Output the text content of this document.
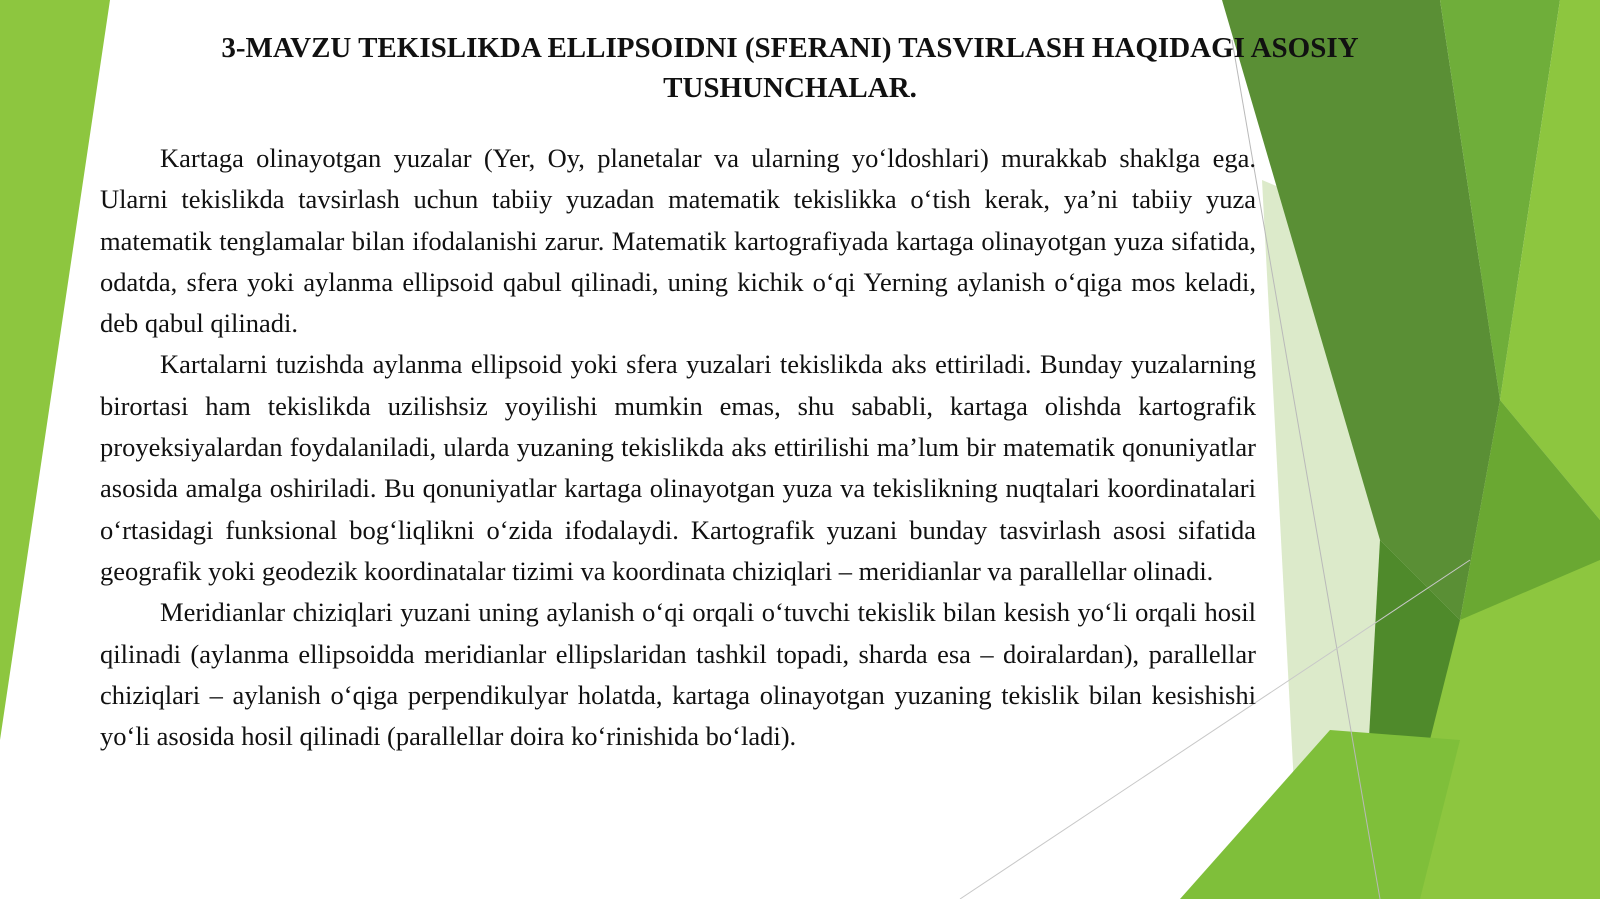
3-MAVZU TEKISLIKDA ELLIPSOIDNI (SFERANI) TASVIRLASH HAQIDAGI ASOSIY TUSHUNCHALAR.

Kartaga olinayotgan yuzalar (Yer, Oy, planetalar va ularning yo‘ldoshlari) murakkab shaklga ega. Ularni tekislikda tavsirlash uchun tabiiy yuzadan matematik tekislikka o‘tish kerak, ya’ni tabiiy yuza matematik tenglamalar bilan ifodalanishi zarur. Matematik kartografiyada kartaga olinayotgan yuza sifatida, odatda, sfera yoki aylanma ellipsoid qabul qilinadi, uning kichik o‘qi Yerning aylanish o‘qiga mos keladi, deb qabul qilinadi.

Kartalarni tuzishda aylanma ellipsoid yoki sfera yuzalari tekislikda aks ettiriladi. Bunday yuzalarning birortasi ham tekislikda uzilishsiz yoyilishi mumkin emas, shu sababli, kartaga olishda kartografik proyeksiyalardan foydalaniladi, ularda yuzaning tekislikda aks ettirilishi ma’lum bir matematik qonuniyatlar asosida amalga oshiriladi. Bu qonuniyatlar kartaga olinayotgan yuza va tekislikning nuqtalari koordinatalari o‘rtasidagi funksional bog‘liqlikni o‘zida ifodalaydi. Kartografik yuzani bunday tasvirlash asosi sifatida geografik yoki geodezik koordinatalar tizimi va koordinata chiziqlari – meridianlar va parallellar olinadi.

Meridianlar chiziqlari yuzani uning aylanish o‘qi orqali o‘tuvchi tekislik bilan kesish yo‘li orqali hosil qilinadi (aylanma ellipsoidda meridianlar ellipslaridan tashkil topadi, sharda esa – doiralardan), parallellar chiziqlari – aylanish o‘qiga perpendikulyar holatda, kartaga olinayotgan yuzaning tekislik bilan kesishishi yo‘li asosida hosil qilinadi (parallellar doira ko‘rinishida bo‘ladi).
